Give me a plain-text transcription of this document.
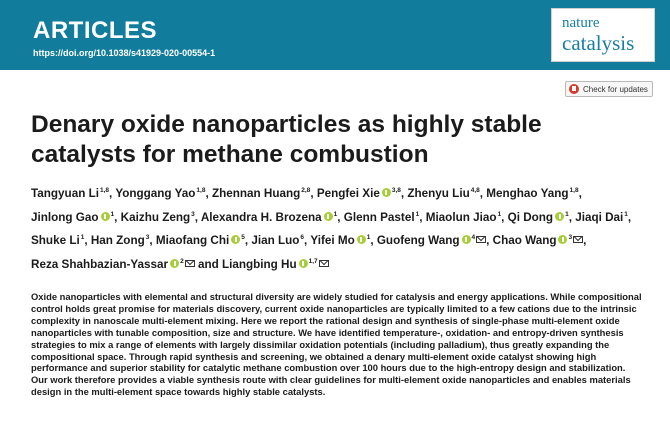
ARTICLES
https://doi.org/10.1038/s41929-020-00554-1
nature
catalysis
Check for updates
Denary oxide nanoparticles as highly stable catalysts for methane combustion
Tangyuan Li$^{1,8}$, Yonggang Yao$^{1,8}$, Zhennan Huang$^{2,8}$, Pengfei Xie $^{3,8}$, Zhenyu Liu$^{4,8}$, Menghao Yang$^{1,8}$, Jinlong Gao $^1$, Kaizhu Zeng$^3$, Alexandra H. Brozena $^1$, Glenn Pastel$^1$, Miaolun Jiao$^1$, Qi Dong $^1$, Jiaqi Dai$^1$, Shuke Li$^1$, Han Zong$^3$, Miaofang Chi $^5$, Jian Luo$^6$, Yifei Mo $^1$, Guofeng Wang $^4$ , Chao Wang $^3$ , Reza Shahbazian-Yassar $^2$ and Liangbing Hu $^{1,7}$

Oxide nanoparticles with elemental and structural diversity are widely studied for catalysis and energy applications. While compositional control holds great promise for materials discovery, current oxide nanoparticles are typically limited to a few cations due to the intrinsic complexity in nanoscale multi-element mixing. Here we report the rational design and synthesis of single-phase multi-element oxide nanoparticles with tunable composition, size and structure. We have identified temperature-, oxidation- and entropy-driven synthesis strategies to mix a range of elements with largely dissimilar oxidation potentials (including palladium), thus greatly expanding the compositional space. Through rapid synthesis and screening, we obtained a denary multi-element oxide catalyst showing high performance and superior stability for catalytic methane combustion over 100 hours due to the high-entropy design and stabilization. Our work therefore provides a viable synthesis route with clear guidelines for multi-element oxide nanoparticles and enables materials design in the multi-element space towards highly stable catalysts.
